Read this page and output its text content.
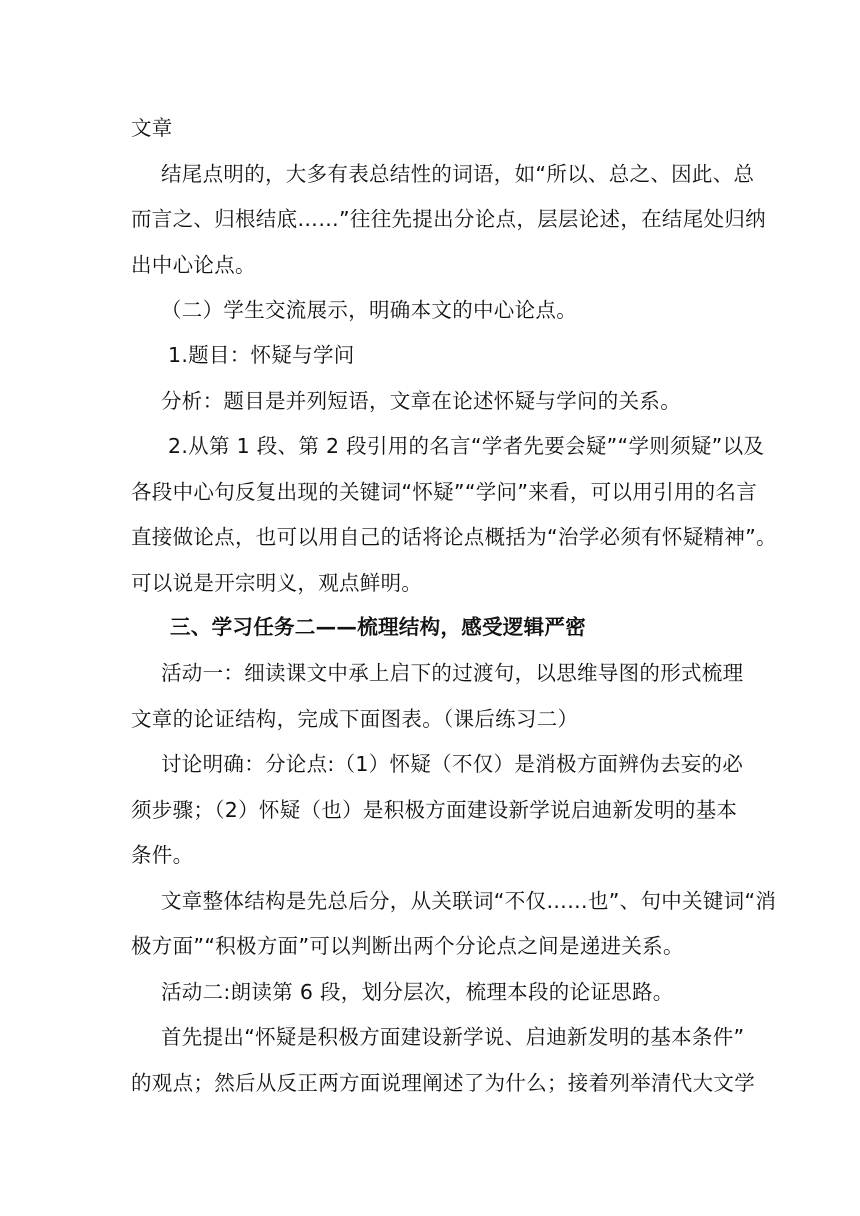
文章
结尾点明的，大多有表总结性的词语，如“所以、总之、因此、总
而言之、归根结底……”往往先提出分论点，层层论述，在结尾处归纳
出中心论点。
（二）学生交流展示，明确本文的中心论点。
1.题目：怀疑与学问
分析：题目是并列短语，文章在论述怀疑与学问的关系。
2.从第 1 段、第 2 段引用的名言“学者先要会疑”“学则须疑”以及
各段中心句反复出现的关键词“怀疑”“学问”来看，可以用引用的名言
直接做论点，也可以用自己的话将论点概括为“治学必须有怀疑精神”。
可以说是开宗明义，观点鲜明。
三、学习任务二——梳理结构，感受逻辑严密
活动一：细读课文中承上启下的过渡句，以思维导图的形式梳理
文章的论证结构，完成下面图表。（课后练习二）
讨论明确：分论点:（1）怀疑（不仅）是消极方面辨伪去妄的必
须步骤；（2）怀疑（也）是积极方面建设新学说启迪新发明的基本
条件。
文章整体结构是先总后分，从关联词“不仅……也”、句中关键词“消
极方面”“积极方面”可以判断出两个分论点之间是递进关系。
活动二:朗读第 6 段，划分层次，梳理本段的论证思路。
首先提出“怀疑是积极方面建设新学说、启迪新发明的基本条件”
的观点；然后从反正两方面说理阐述了为什么；接着列举清代大文学
